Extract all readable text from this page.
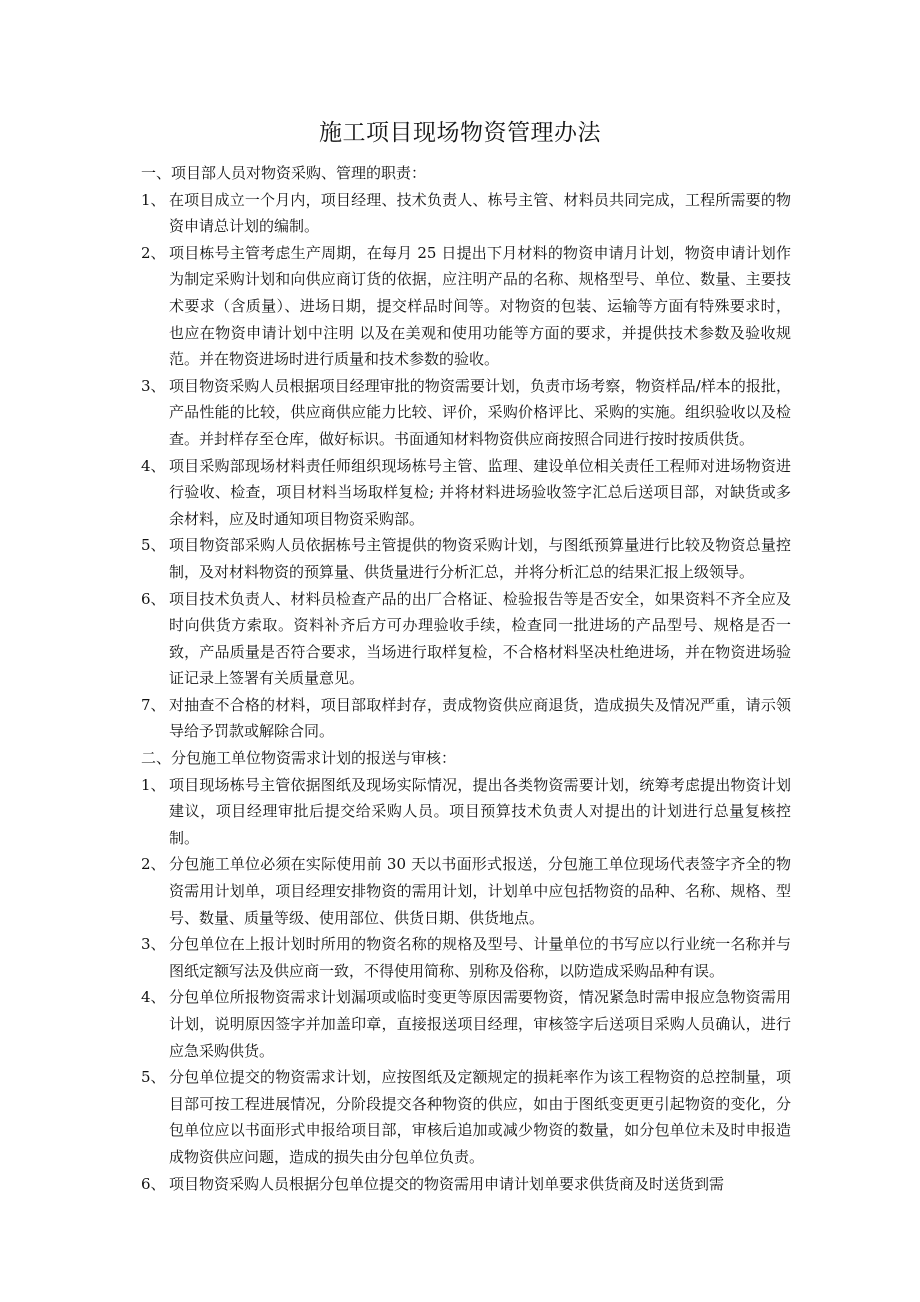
施工项目现场物资管理办法
一、项目部人员对物资采购、管理的职责：
1、 在项目成立一个月内，项目经理、技术负责人、栋号主管、材料员共同完成，工程所需要的物资申请总计划的编制。
2、 项目栋号主管考虑生产周期，在每月 25 日提出下月材料的物资申请月计划，物资申请计划作为制定采购计划和向供应商订货的依据，应注明产品的名称、规格型号、单位、数量、主要技术要求（含质量）、进场日期，提交样品时间等。对物资的包装、运输等方面有特殊要求时，也应在物资申请计划中注明 以及在美观和使用功能等方面的要求，并提供技术参数及验收规范。并在物资进场时进行质量和技术参数的验收。
3、 项目物资采购人员根据项目经理审批的物资需要计划，负责市场考察，物资样品/样本的报批，产品性能的比较，供应商供应能力比较、评价，采购价格评比、采购的实施。组织验收以及检查。并封样存至仓库，做好标识。书面通知材料物资供应商按照合同进行按时按质供货。
4、 项目采购部现场材料责任师组织现场栋号主管、监理、建设单位相关责任工程师对进场物资进行验收、检查，项目材料当场取样复检; 并将材料进场验收签字汇总后送项目部，对缺货或多余材料，应及时通知项目物资采购部。
5、 项目物资部采购人员依据栋号主管提供的物资采购计划，与图纸预算量进行比较及物资总量控制，及对材料物资的预算量、供货量进行分析汇总，并将分析汇总的结果汇报上级领导。
6、 项目技术负责人、材料员检查产品的出厂合格证、检验报告等是否安全，如果资料不齐全应及时向供货方索取。资料补齐后方可办理验收手续，检查同一批进场的产品型号、规格是否一致，产品质量是否符合要求，当场进行取样复检，不合格材料坚决杜绝进场，并在物资进场验证记录上签署有关质量意见。
7、 对抽查不合格的材料，项目部取样封存，责成物资供应商退货，造成损失及情况严重，请示领导给予罚款或解除合同。
二、分包施工单位物资需求计划的报送与审核：
1、 项目现场栋号主管依据图纸及现场实际情况，提出各类物资需要计划，统筹考虑提出物资计划建议，项目经理审批后提交给采购人员。项目预算技术负责人对提出的计划进行总量复核控制。
2、 分包施工单位必须在实际使用前 30 天以书面形式报送，分包施工单位现场代表签字齐全的物资需用计划单，项目经理安排物资的需用计划，计划单中应包括物资的品种、名称、规格、型号、数量、质量等级、使用部位、供货日期、供货地点。
3、 分包单位在上报计划时所用的物资名称的规格及型号、计量单位的书写应以行业统一名称并与图纸定额写法及供应商一致，不得使用简称、别称及俗称，以防造成采购品种有误。
4、 分包单位所报物资需求计划漏项或临时变更等原因需要物资，情况紧急时需申报应急物资需用计划，说明原因签字并加盖印章，直接报送项目经理，审核签字后送项目采购人员确认，进行应急采购供货。
5、 分包单位提交的物资需求计划，应按图纸及定额规定的损耗率作为该工程物资的总控制量，项目部可按工程进展情况，分阶段提交各种物资的供应，如由于图纸变更更引起物资的变化，分包单位应以书面形式申报给项目部，审核后追加或减少物资的数量，如分包单位未及时申报造成物资供应问题，造成的损失由分包单位负责。
6、 项目物资采购人员根据分包单位提交的物资需用申请计划单要求供货商及时送货到需
